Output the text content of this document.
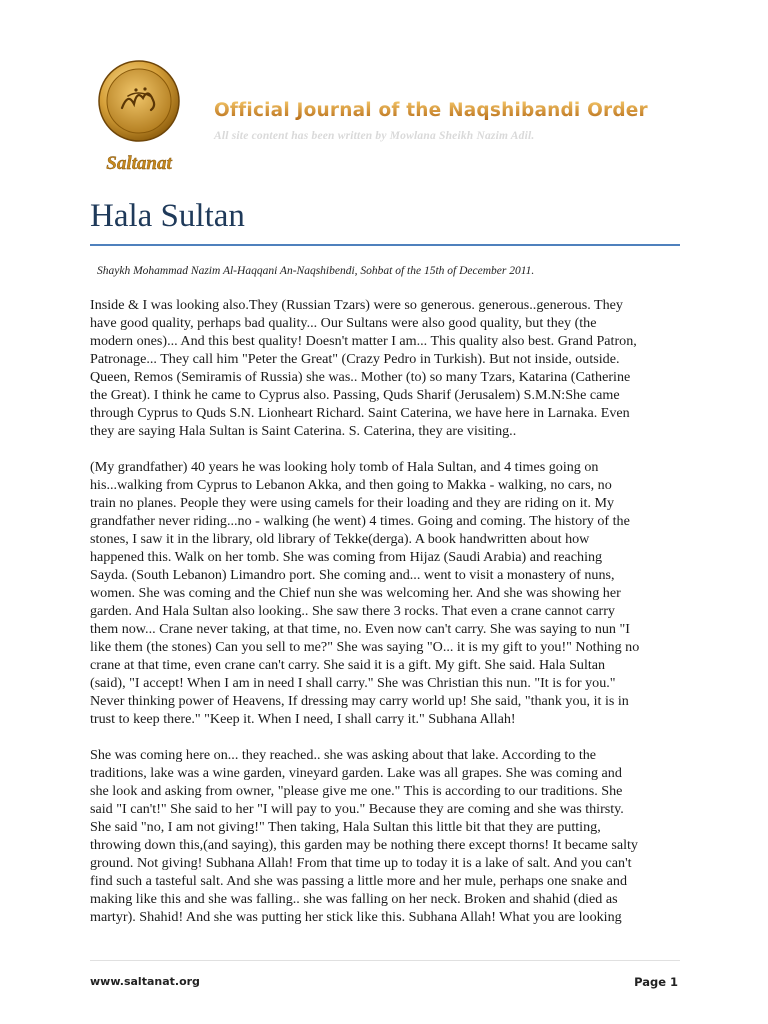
Saltanat
Official Journal of the Naqshibandi Order
All site content has been written by Mowlana Sheikh Nazim Adil.
Hala Sultan
Shaykh Mohammad Nazim Al-Haqqani An-Naqshibendi, Sohbat of the 15th of December 2011.

Inside & I was looking also.They (Russian Tzars) were so generous. generous..generous. They
have good quality, perhaps bad quality... Our Sultans were also good quality, but they (the
modern ones)... And this best quality! Doesn't matter I am... This quality also best. Grand Patron,
Patronage... They call him "Peter the Great" (Crazy Pedro in Turkish). But not inside, outside.
Queen, Remos (Semiramis of Russia) she was.. Mother (to) so many Tzars, Katarina (Catherine
the Great). I think he came to Cyprus also. Passing, Quds Sharif (Jerusalem) S.M.N:She came
through Cyprus to Quds S.N. Lionheart Richard. Saint Caterina, we have here in Larnaka. Even
they are saying Hala Sultan is Saint Caterina. S. Caterina, they are visiting..

(My grandfather) 40 years he was looking holy tomb of Hala Sultan, and 4 times going on
his...walking from Cyprus to Lebanon Akka, and then going to Makka - walking, no cars, no
train no planes. People they were using camels for their loading and they are riding on it. My
grandfather never riding...no - walking (he went) 4 times. Going and coming. The history of the
stones, I saw it in the library, old library of Tekke(derga). A book handwritten about how
happened this. Walk on her tomb. She was coming from Hijaz (Saudi Arabia) and reaching
Sayda. (South Lebanon) Limandro port. She coming and... went to visit a monastery of nuns,
women. She was coming and the Chief nun she was welcoming her. And she was showing her
garden. And Hala Sultan also looking.. She saw there 3 rocks. That even a crane cannot carry
them now... Crane never taking, at that time, no. Even now can't carry. She was saying to nun "I
like them (the stones) Can you sell to me?" She was saying "O... it is my gift to you!" Nothing no
crane at that time, even crane can't carry. She said it is a gift. My gift. She said. Hala Sultan
(said), "I accept! When I am in need I shall carry." She was Christian this nun. "It is for you."
Never thinking power of Heavens, If dressing may carry world up! She said, "thank you, it is in
trust to keep there." "Keep it. When I need, I shall carry it." Subhana Allah!

She was coming here on... they reached.. she was asking about that lake. According to the
traditions, lake was a wine garden, vineyard garden. Lake was all grapes. She was coming and
she look and asking from owner, "please give me one." This is according to our traditions. She
said "I can't!" She said to her "I will pay to you." Because they are coming and she was thirsty.
She said "no, I am not giving!" Then taking, Hala Sultan this little bit that they are putting,
throwing down this,(and saying), this garden may be nothing there except thorns! It became salty
ground. Not giving! Subhana Allah! From that time up to today it is a lake of salt. And you can't
find such a tasteful salt. And she was passing a little more and her mule, perhaps one snake and
making like this and she was falling.. she was falling on her neck. Broken and shahid (died as
martyr). Shahid! And she was putting her stick like this. Subhana Allah! What you are looking

www.saltanat.org	Page 1
